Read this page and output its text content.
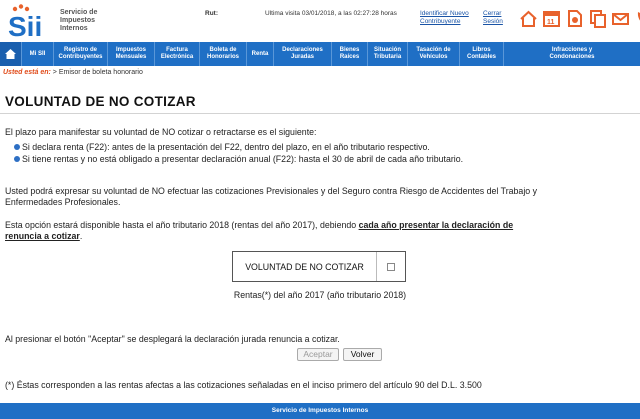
Sii	Servicio de
Impuestos
Internos
Rut:	Ultima visita 03/01/2018, a las 02:27:28 horas	Identificar Nuevo
Contribuyente
Cerrar
Sesión	11
Mi SII
Registro de
Contribuyentes
Impuestos
Mensuales
Factura
Electrónica
Boleta de
Honorarios
Renta
Declaraciones
Juradas
Bienes
Raíces
Situación
Tributaria
Tasación de
Vehículos
Libros
Contables
Infracciones y
Condonaciones
Usted está en: > Emisor de boleta honorario
VOLUNTAD DE NO COTIZAR
El plazo para manifestar su voluntad de NO cotizar o retractarse es el siguiente:
Si declara renta (F22): antes de la presentación del F22, dentro del plazo, en el año tributario respectivo.
Si tiene rentas y no está obligado a presentar declaración anual (F22): hasta el 30 de abril de cada año tributario.
Usted podrá expresar su voluntad de NO efectuar las cotizaciones Previsionales y del Seguro contra Riesgo de Accidentes del Trabajo y
Enfermedades Profesionales.
Esta opción estará disponible hasta el año tributario 2018 (rentas del año 2017), debiendo cada año presentar la declaración de
renuncia a cotizar.
VOLUNTAD DE NO COTIZAR
Rentas(*) del año 2017 (año tributario 2018)
Al presionar el botón "Aceptar" se desplegará la declaración jurada renuncia a cotizar.
Aceptar	Volver
(*) Éstas corresponden a las rentas afectas a las cotizaciones señaladas en el inciso primero del artículo 90 del D.L. 3.500
Servicio de Impuestos Internos
